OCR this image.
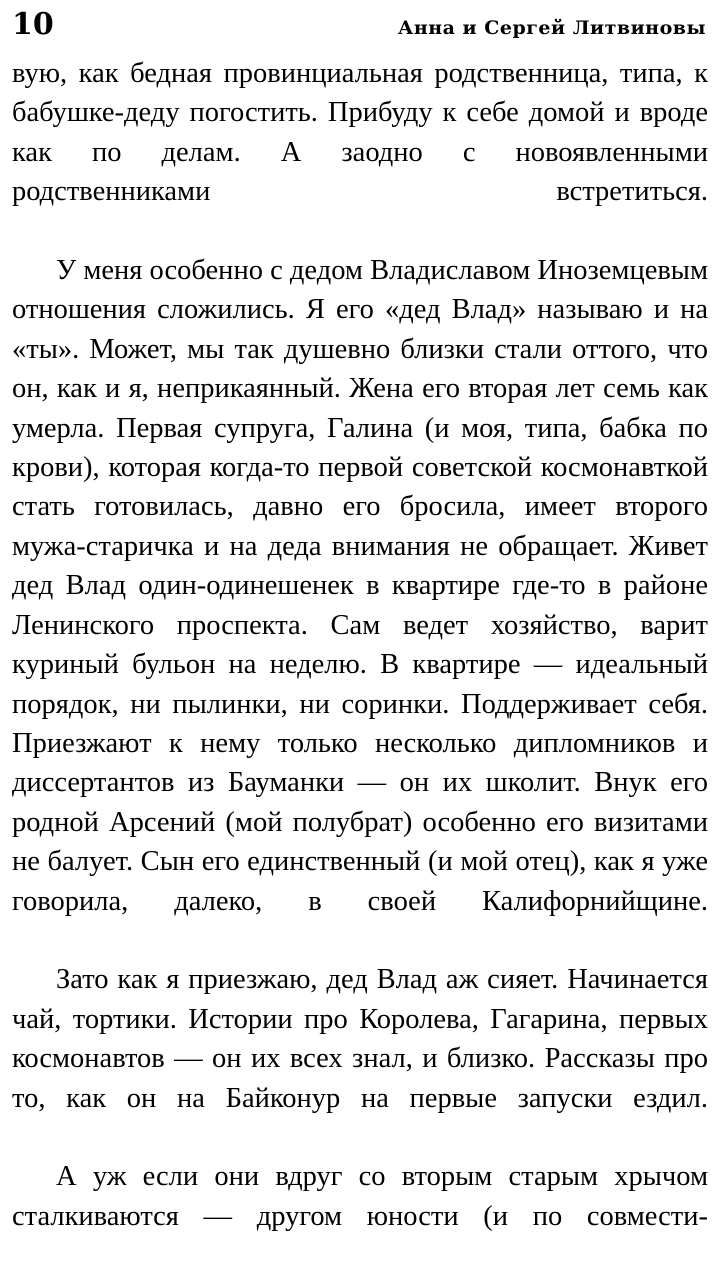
10	Анна и Сергей Литвиновы

вую, как бедная провинциальная родственница, типа, к бабушке-деду погостить. Прибуду к себе домой и вроде как по делам. А заодно с новоявленными родственниками встретиться.

У меня особенно с дедом Владиславом Иноземцевым отношения сложились. Я его «дед Влад» называю и на «ты». Может, мы так душевно близки стали оттого, что он, как и я, неприкаянный. Жена его вторая лет семь как умерла. Первая супруга, Галина (и моя, типа, бабка по крови), которая когда-то первой советской космонавткой стать готовилась, давно его бросила, имеет второго мужа-старичка и на деда внимания не обращает. Живет дед Влад один-одинешенек в квартире где-то в районе Ленинского проспекта. Сам ведет хозяйство, варит куриный бульон на неделю. В квартире — идеальный порядок, ни пылинки, ни соринки. Поддерживает себя. Приезжают к нему только несколько дипломников и диссертантов из Бауманки — он их школит. Внук его родной Арсений (мой полубрат) особенно его визитами не балует. Сын его единственный (и мой отец), как я уже говорила, далеко, в своей Калифорнийщине.

Зато как я приезжаю, дед Влад аж сияет. Начинается чай, тортики. Истории про Королева, Гагарина, первых космонавтов — он их всех знал, и близко. Рассказы про то, как он на Байконур на первые запуски ездил.

А уж если они вдруг со вторым старым хрычом сталкиваются — другом юности (и по совмести-
